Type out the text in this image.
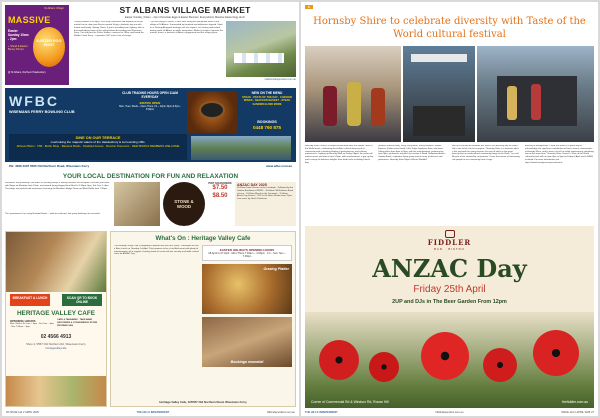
St Albans Village
MASSIVE
Easter Sunday 10am - 2pm	EASTER EGG HUNT
+ Sheaf & Easter Bunny Dinner
@ St Albans, Northern Hawkesbury
ST ALBANS VILLAGE MARKET
Easter Sunday | 10am – 2pm Chocolate Eggs & Easter Bunnies: Everywhere! Massive Easter Egg Hunt!
Calling children of all ages! Visit easy clothesline and explore the entire market site to claim your Easter reward. Enjoy a fantastic day out with friends and family. Getting There: If you're travelling from Sydney, take in the breathtaking views of the valley before descending into Wisemans Ferry. Turn left past the Police Station, continue for 20km, and board the Webbs Creek Ferry – it operates 24/7 and is free of charge.
The river enjoys a scenic 2 hour drive along the Macdonald River to the village of St Albans. Surrounded by farmland and wilderness beyond. Sited on a Dharug Aboriginal heritage trail, the region's rich history and natural beauty make St Albans an idyllic destination. Market Location: Opposite the market, there's a fantastic children's playground and the village green.
stalbansvillagemarket.com.au
WFBC
WISEMANS FERRY BOWLING CLUB
CLUB TRADING HOURS OPEN 11AM EVERYDAY
BISTRO OPEN
Mon, Tues, Weds – Open Thurs, Fri – 12pm–8pm & 6pm–8:30pm
NEW ON THE MENU
STEAK · PASTA OF THE DAY · CHICKEN WINGS · SEAFOOD BASKET · STEAK SANDWICH AND MORE
BOOKINGS
0448 760 875
DINE ON OUR TERRACE
overlooking the majestic waters of the Hawkesbury & surrounding cliffs.
Alfresco Bistro · TAB · Bottle Shop · Barefoot Bowls · Disabled Access · Member Discounts · NEW BOWLS MEMBERS WELCOME
PH: 4566 4307 5565 Old Northern Road, Wisemans Ferry	www.wfbc.com.au
YOUR LOCAL DESTINATION FOR FUN AND RELAXATION
Wisemans Ferry Bowling Club offers an exciting lineup of weekly activities for everyone! Kickstart your week with Bingo on Mondays from 10am, and unwind during Happy Hour Mon-Fri 5:30pm–6pm, Sat–Sun 2–4pm. Thursdays are packed with excitement, featuring the Members Badge Draw and Meat Raffle from 7:30pm.
The spontaneous fun, enjoy Barefoot Bowls – walk-ins welcome, but group bookings are essential.
STONE & WOOD
PINT SCHOONERS
$7.50
$8.50
ANZAC DAY 2025
05:30am Dawn Service at the Cenotaph · Followed by the Gunfire Breakfast at WFBC · 10:00am Old Northern Road closure · 10:30am March to the Cenotaph · 11:00am Anzac Day Service · 2UP in the Beer Garden from 12pm · Live music by Greck Dickinson
BREAKFAST & LUNCH	SCAN QR TO BOOK ONLINE
HERITAGE VALLEY CAFE
OPENING HOURS
Mon, Wed to Fri 7am – 3pm · Sat 7am – 4pm · Sun 7:30am – 3pm
CAFE & TAKEAWAY · TAKE AWAY GROCERIES & CONVENIENCE STORE · PROPANE GAS
02 4566 4913
Shop 2, 5557 Old Northern Rd, Wisemans Ferry
heritagevalleycafe
What's On : Heritage Valley Cafe
The Heritage Valley Cafe is delighted to partner with the local WFBC Committee to host a Rum Lunch on Tuesday, 1st April. This promises to be a fun-filled event with plenty of entertainment, all in support of raising funds to assist with the security and traffic control costs for ANZAC Day.
EASTER HOLIDAYS OPENING HOURS
18 April to 27 April · Mon-Thurs 7:30am – 4:00pm · Fri – Sun 7am – 7:00pm
Grazing Platter
Bookings essential
Heritage Valley Cafe, 12/5557 Old Northern Road, Wisemans Ferry
26 ISSUE 114 // APRIL 2025	THE HILLS INDEPENDENT	hillsindependent.com.au
6
Hornsby Shire to celebrate diversity with Taste of the World cultural festival
Hornsby Shire Council is excited to welcome back the vibrant Taste of the World event, celebrating the brilliant cultural diversity of its community with a dazzling display of performances and culinary experiences. Lighting up Hornsby Mall on Friday 4 April, the event will feature music and dance from 5-9pm, with entertainment, a pop up bar and a variety of delicious delights from food trucks including Kimchi Boy.
(modern Korean food), Kerry Furry Banh, Sassy Brothers, Malibu Express (Indian street food), Little Tokyo Japanese Eats, and more. Taking place from 6pm to 9pm, with the entertainment commencing from 5pm, performers include Lily Lorraine & Band, Bollywood dance, Samba Brazil, a dynamic Kpop group and an array of dancers and performers. Hornsby Shire Mayor Warren Waddell
said he is excited to celebrate the Shire's rich diversity with an event that's sure to be a hit for everyone. "Hornsby Shire is a fantastic place to live and work for many reasons, but one of which is the great diversity that our multicultural community brings to the Shire," he said. "As part of our citizenship ceremonies, I have the honour of welcoming new people to our community from a huge
diversity of backgrounds. I think this event is a great way to acknowledge the significant contribution of these various communities to Hornsby Shire, and to have a lot of fun while experiencing something new at the same time." Hornsby Shire Council's Taste of the World cultural festival will run from 4pm to 9pm on Friday 4 April and is FREE to attend. For more information visit https://www.hornsby.nsw.gov.au/events
FIDDLER
BAR · BISTRO
ANZAC Day
Friday 25th April
2UP and DJs in The Beer Garden From 12pm
Corner of Commercial Rd & Windsor Rd, Rouse Hill	thefiddler.com.au
THE HILLS INDEPENDENT	hillsindependent.com.au	ISSUE 114 // APRIL 2025 27
